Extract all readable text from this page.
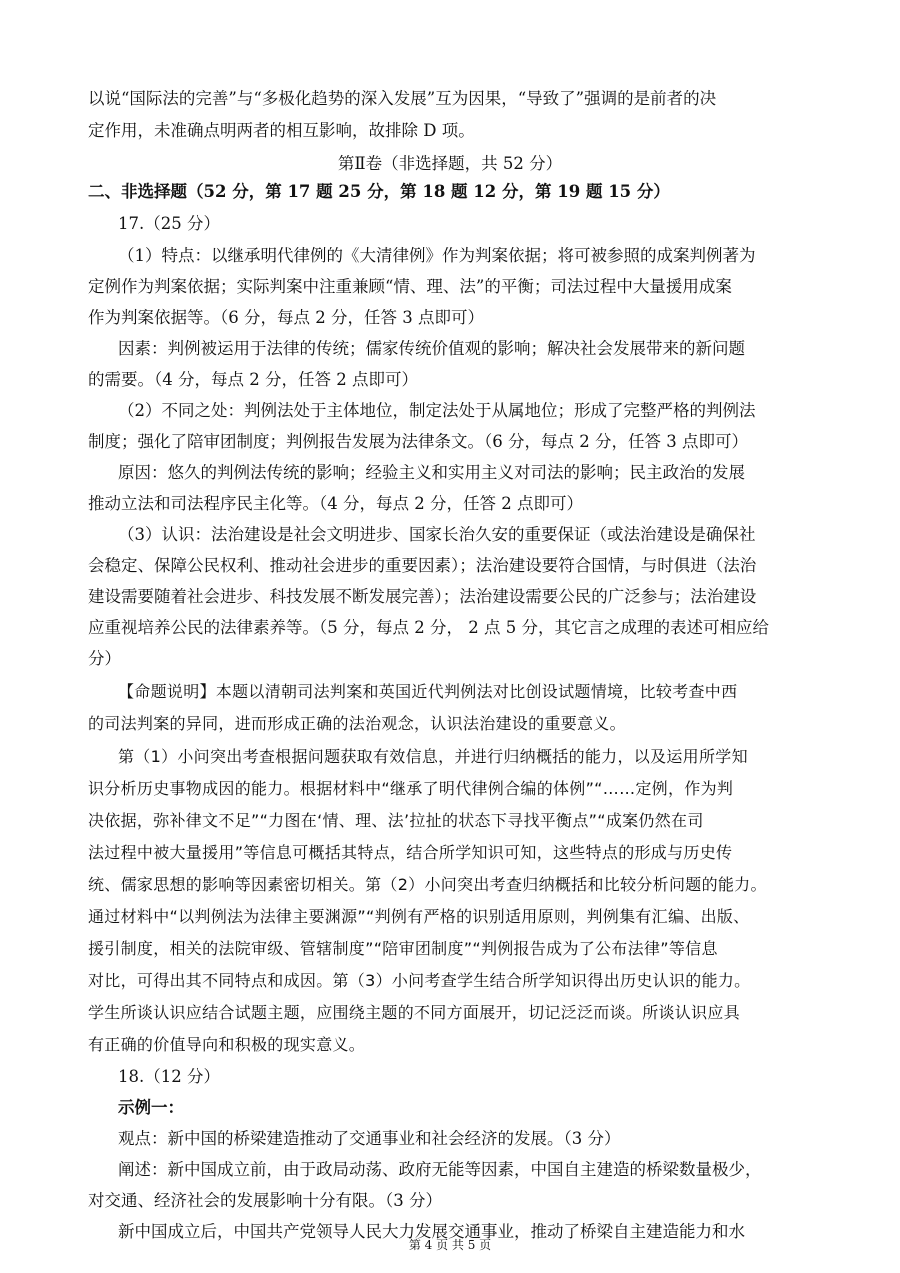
以说“国际法的完善”与“多极化趋势的深入发展”互为因果，“导致了”强调的是前者的决
定作用，未准确点明两者的相互影响，故排除 D 项。
第Ⅱ卷（非选择题，共 52 分）
二、非选择题（52 分，第 17 题 25 分，第 18 题 12 分，第 19 题 15 分）
17.（25 分）
（1）特点：以继承明代律例的《大清律例》作为判案依据；将可被参照的成案判例著为
定例作为判案依据；实际判案中注重兼顾“情、理、法”的平衡；司法过程中大量援用成案
作为判案依据等。（6 分，每点 2 分，任答 3 点即可）
因素：判例被运用于法律的传统；儒家传统价值观的影响；解决社会发展带来的新问题
的需要。（4 分，每点 2 分，任答 2 点即可）
（2）不同之处：判例法处于主体地位，制定法处于从属地位；形成了完整严格的判例法
制度；强化了陪审团制度；判例报告发展为法律条文。（6 分，每点 2 分，任答 3 点即可）
原因：悠久的判例法传统的影响；经验主义和实用主义对司法的影响；民主政治的发展
推动立法和司法程序民主化等。（4 分，每点 2 分，任答 2 点即可）
（3）认识：法治建设是社会文明进步、国家长治久安的重要保证（或法治建设是确保社
会稳定、保障公民权利、推动社会进步的重要因素）；法治建设要符合国情，与时俱进（法治
建设需要随着社会进步、科技发展不断发展完善）；法治建设需要公民的广泛参与；法治建设
应重视培养公民的法律素养等。（5 分，每点 2 分， 2 点 5 分，其它言之成理的表述可相应给
分）
【命题说明】本题以清朝司法判案和英国近代判例法对比创设试题情境，比较考查中西
的司法判案的异同，进而形成正确的法治观念，认识法治建设的重要意义。
第（1）小问突出考查根据问题获取有效信息，并进行归纳概括的能力，以及运用所学知
识分析历史事物成因的能力。根据材料中“继承了明代律例合编的体例”“……定例，作为判
决依据，弥补律文不足”“力图在‘情、理、法’拉扯的状态下寻找平衡点”“成案仍然在司
法过程中被大量援用”等信息可概括其特点，结合所学知识可知，这些特点的形成与历史传
统、儒家思想的影响等因素密切相关。第（2）小问突出考查归纳概括和比较分析问题的能力。
通过材料中“以判例法为法律主要渊源”“判例有严格的识别适用原则，判例集有汇编、出版、
援引制度，相关的法院审级、管辖制度”“陪审团制度”“判例报告成为了公布法律”等信息
对比，可得出其不同特点和成因。第（3）小问考查学生结合所学知识得出历史认识的能力。
学生所谈认识应结合试题主题，应围绕主题的不同方面展开，切记泛泛而谈。所谈认识应具
有正确的价值导向和积极的现实意义。
18.（12 分）
示例一：
观点：新中国的桥梁建造推动了交通事业和社会经济的发展。（3 分）
阐述：新中国成立前，由于政局动荡、政府无能等因素，中国自主建造的桥梁数量极少，
对交通、经济社会的发展影响十分有限。（3 分）
新中国成立后，中国共产党领导人民大力发展交通事业，推动了桥梁自主建造能力和水
第 4 页 共 5 页
